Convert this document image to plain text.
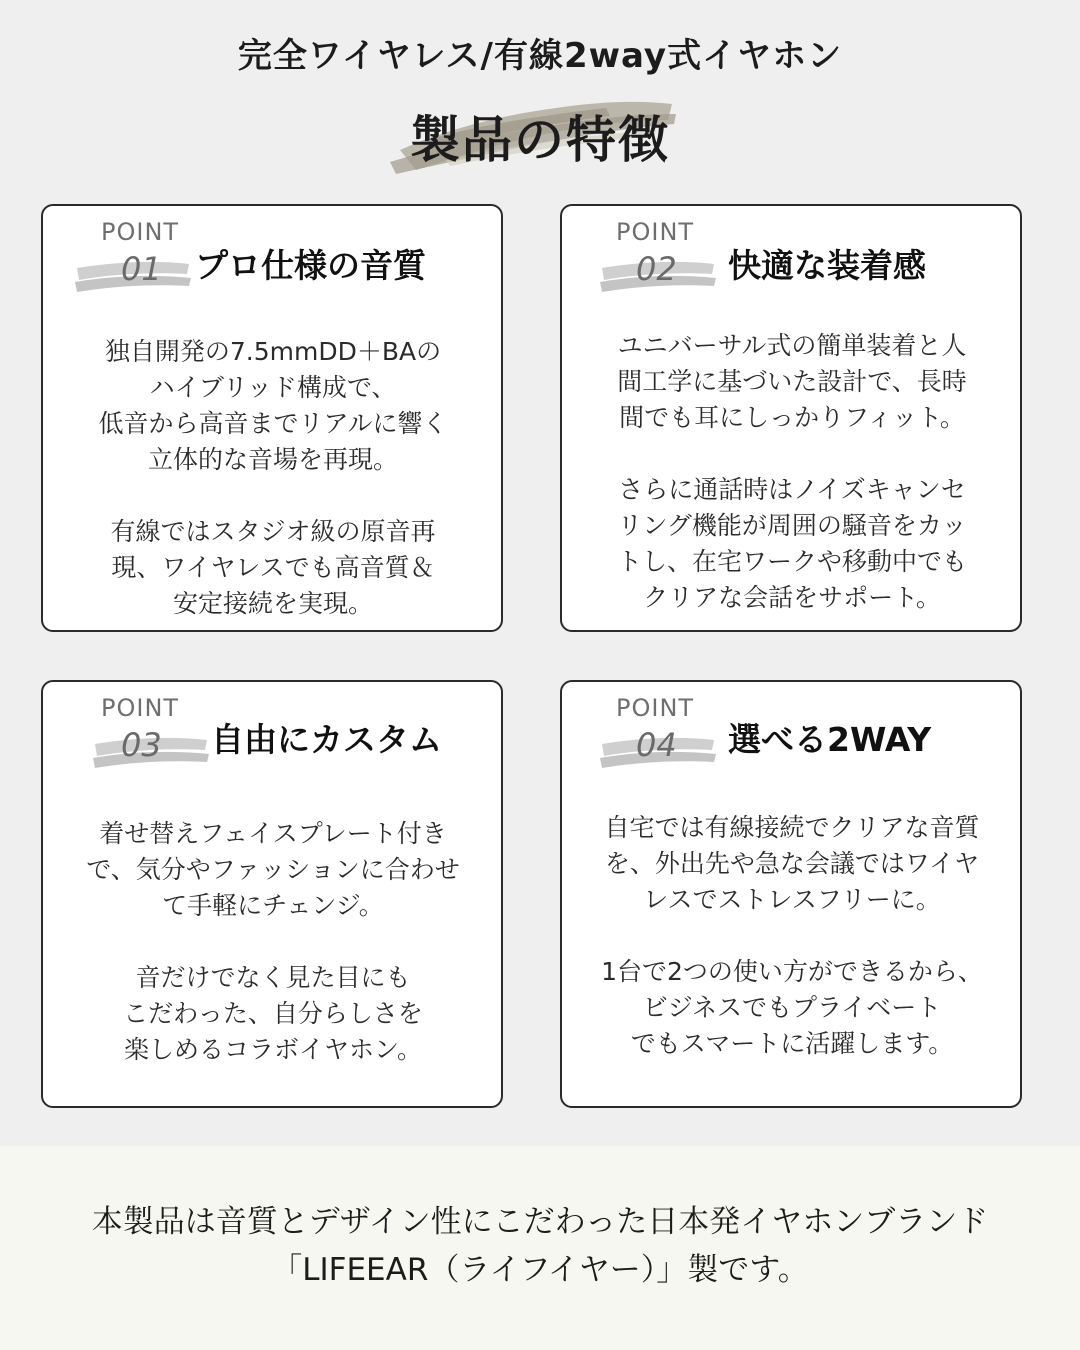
完全ワイヤレス/有線2way式イヤホン
製品の特徴
POINT
01 プロ仕様の音質

独自開発の7.5mmDD＋BAの
ハイブリッド構成で、
低音から高音までリアルに響く
立体的な音場を再現。

有線ではスタジオ級の原音再
現、ワイヤレスでも高音質＆
安定接続を実現。

POINT
02 快適な装着感

ユニバーサル式の簡単装着と人
間工学に基づいた設計で、長時
間でも耳にしっかりフィット。

さらに通話時はノイズキャンセ
リング機能が周囲の騒音をカッ
トし、在宅ワークや移動中でも
クリアな会話をサポート。

POINT
03 自由にカスタム

着せ替えフェイスプレート付き
で、気分やファッションに合わせ
て手軽にチェンジ。

音だけでなく見た目にも
こだわった、自分らしさを
楽しめるコラボイヤホン。

POINT
04 選べる2WAY

自宅では有線接続でクリアな音質
を、外出先や急な会議ではワイヤ
レスでストレスフリーに。

1台で2つの使い方ができるから、
ビジネスでもプライベート
でもスマートに活躍します。

本製品は音質とデザイン性にこだわった日本発イヤホンブランド
「LIFEEAR（ライフイヤー）」製です。
